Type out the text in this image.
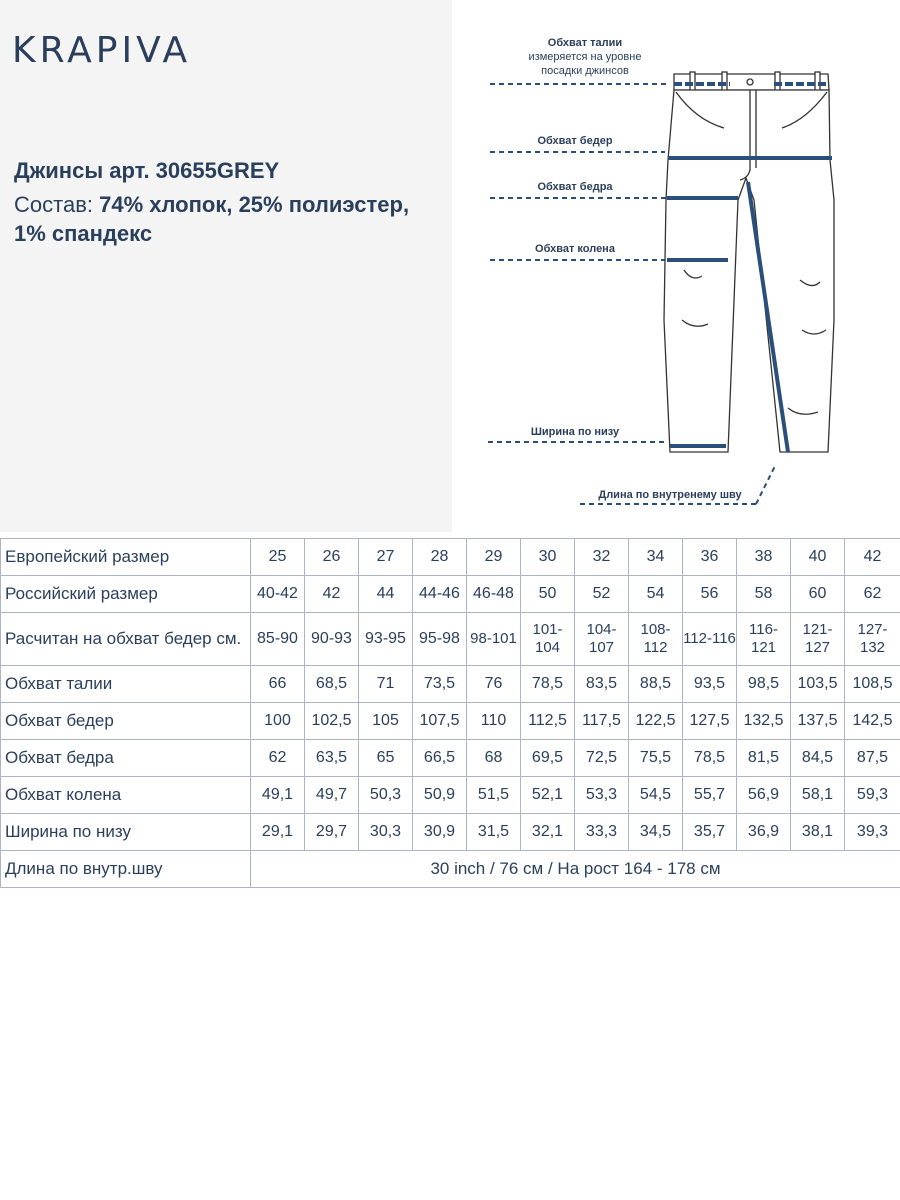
KRAPIVA
Джинсы арт. 30655GREY
Состав: 74% хлопок, 25% полиэстер, 1% спандекс
Обхват талии
измеряется на уровне
посадки джинсов
Обхват бедер
Обхват бедра
Обхват колена
Ширина по низу
Длина по внутренему шву
Европейский размер	25	26	27	28	29	30	32	34	36	38	40	42
Российский размер	40-42	42	44	44-46	46-48	50	52	54	56	58	60	62
Расчитан на обхват бедер см.	85-90	90-93	93-95	95-98	98-101	101-104	104-107	108-112	112-116	116-121	121-127	127-132
Обхват талии	66	68,5	71	73,5	76	78,5	83,5	88,5	93,5	98,5	103,5	108,5
Обхват бедер	100	102,5	105	107,5	110	112,5	117,5	122,5	127,5	132,5	137,5	142,5
Обхват бедра	62	63,5	65	66,5	68	69,5	72,5	75,5	78,5	81,5	84,5	87,5
Обхват колена	49,1	49,7	50,3	50,9	51,5	52,1	53,3	54,5	55,7	56,9	58,1	59,3
Ширина по низу	29,1	29,7	30,3	30,9	31,5	32,1	33,3	34,5	35,7	36,9	38,1	39,3
Длина по внутр.шву	30 inch / 76 см / На рост 164 - 178 см											
